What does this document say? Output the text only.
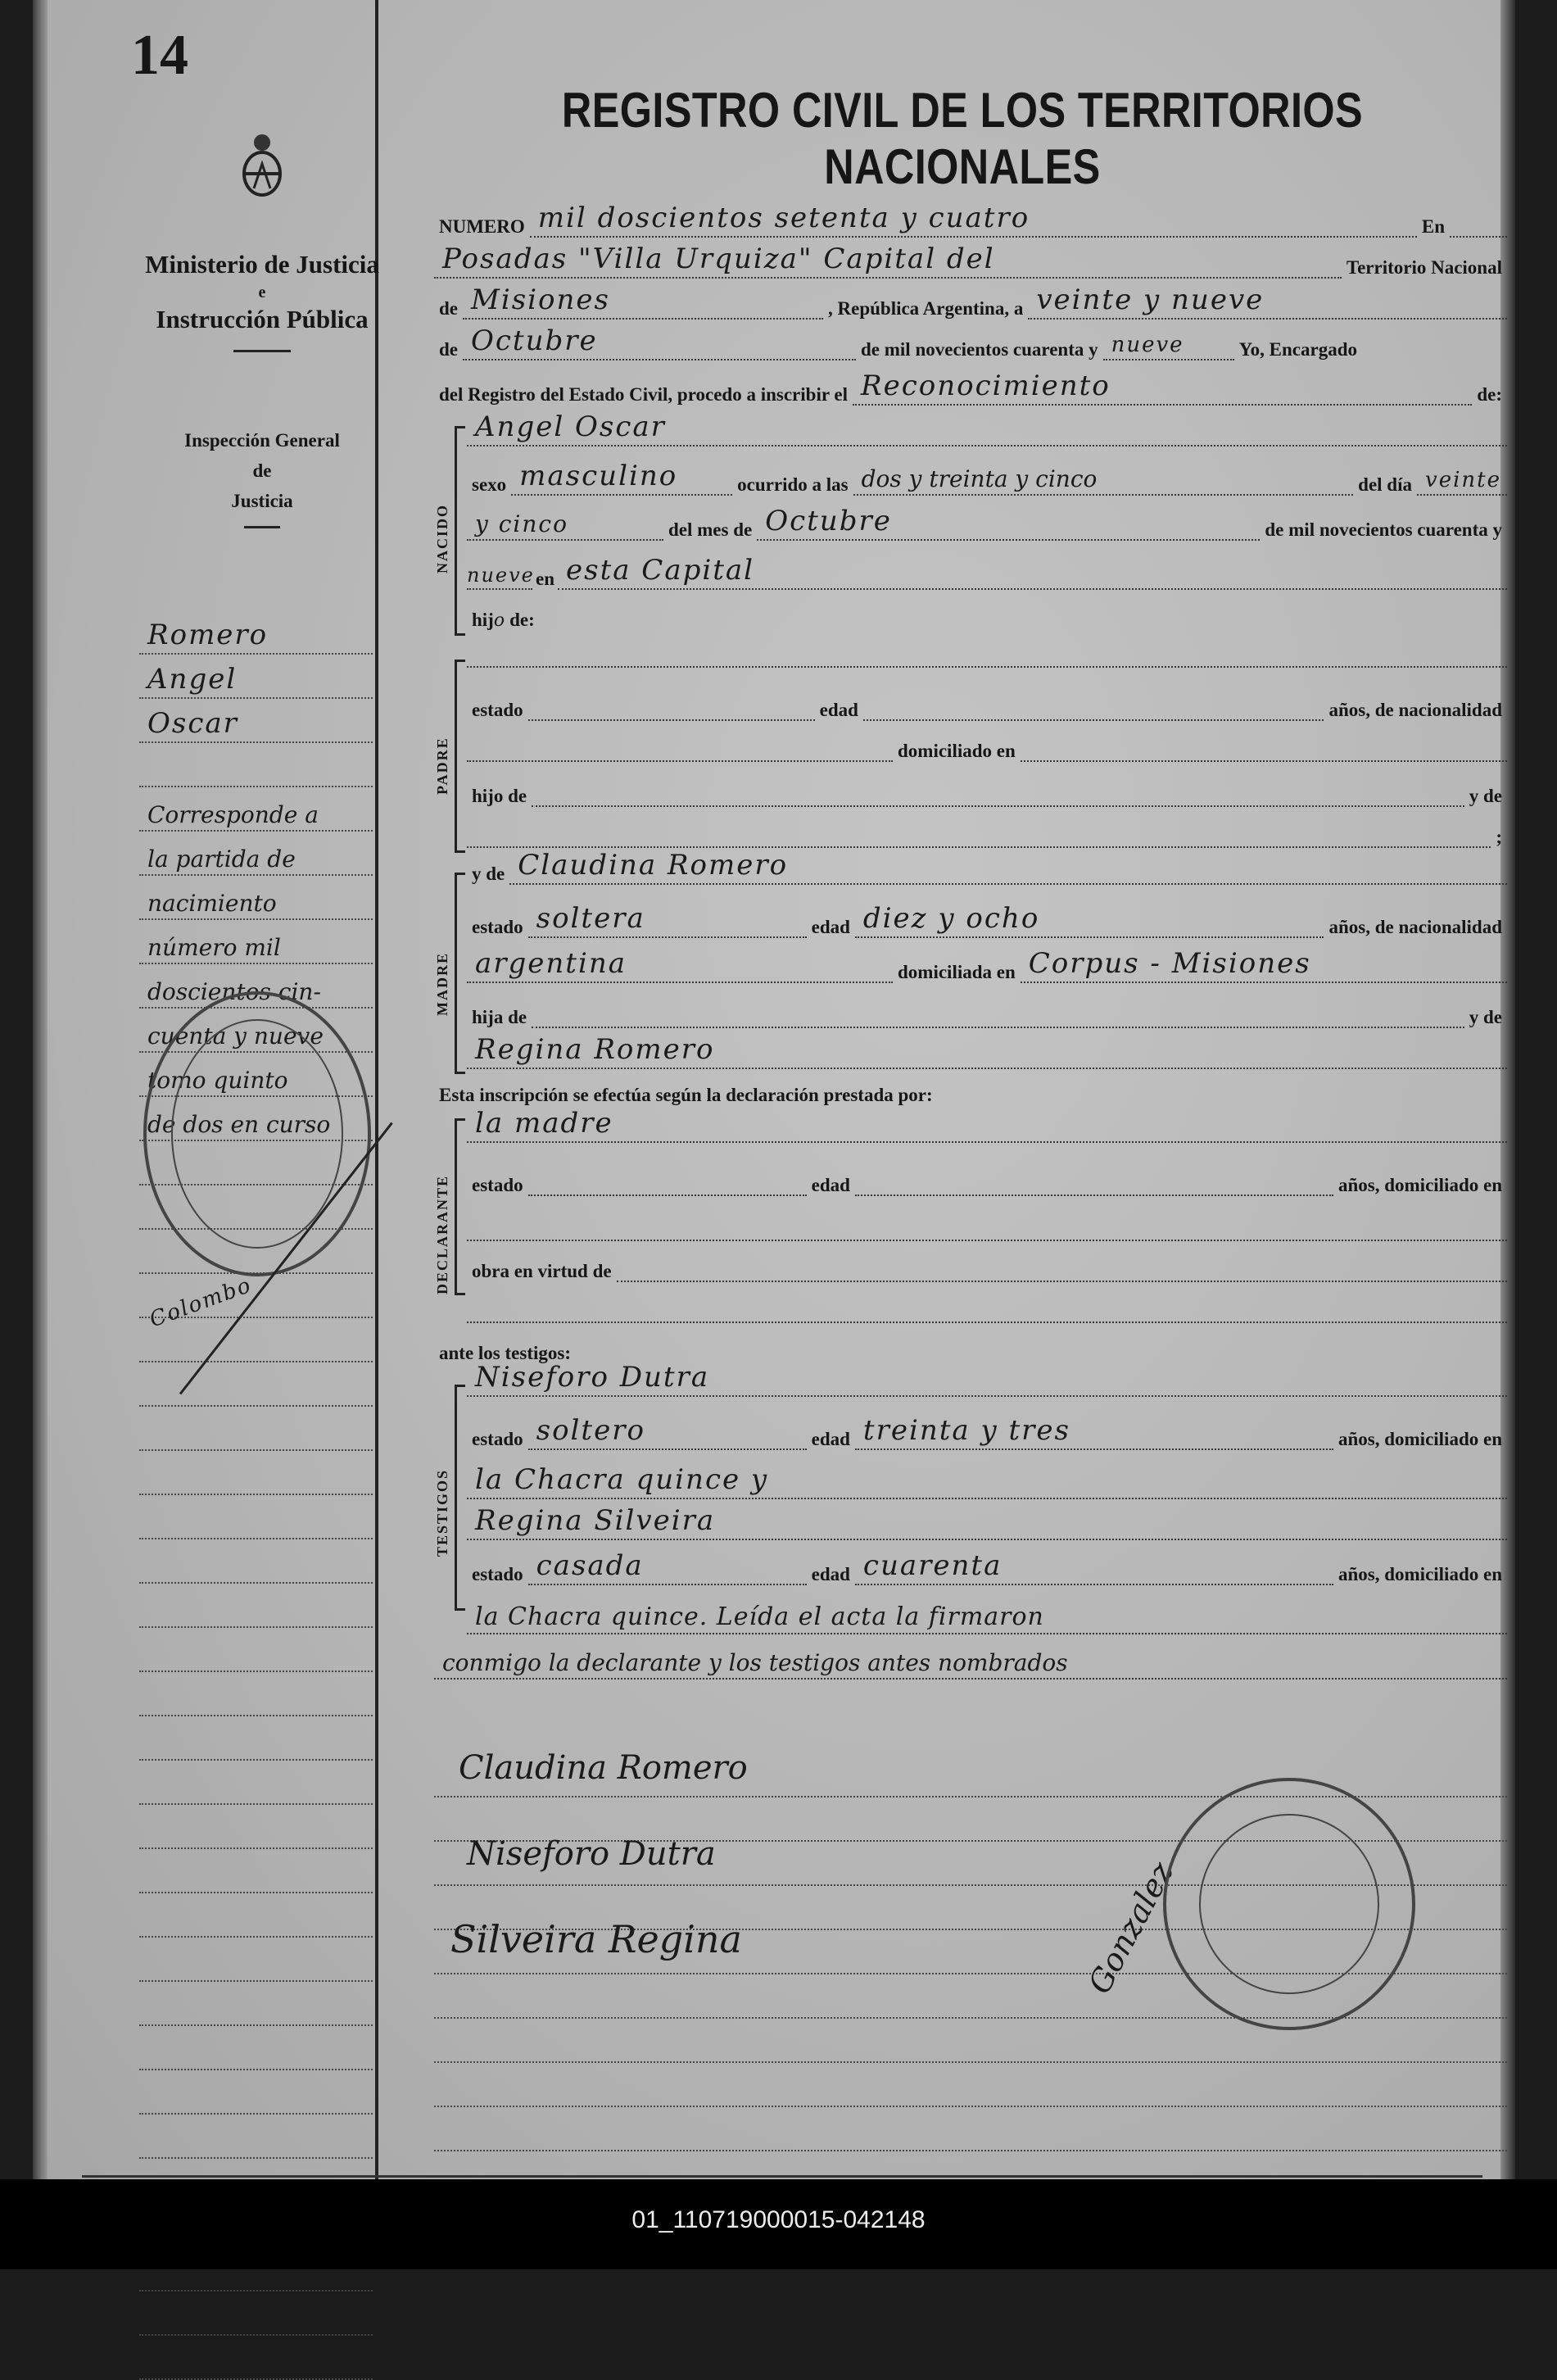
14
Ministerio de Justicia
e
Instrucción Pública
Inspección General
de
Justicia
Romero
Angel
Oscar
Corresponde a
la partida de
nacimiento
número mil
doscientos cin-
cuenta y nueve
tomo quinto
de dos en curso
Colombo
REGISTRO CIVIL DE LOS TERRITORIOS NACIONALES
NUMERO mil doscientos setenta y cuatro	En
Posadas "Villa Urquiza" Capital del	Territorio Nacional
de Misiones	, República Argentina, a veinte y nueve
de Octubre	de mil novecientos cuarenta y nueve	Yo, Encargado
del Registro del Estado Civil, procedo a inscribir el Reconocimiento	de:
NACIDO
Angel Oscar
sexo masculino	ocurrido a las dos y treinta y cinco	del día veinte
y cinco	del mes de Octubre	de mil novecientos cuarenta y
nueve en esta Capital
hij o de:
PADRE
estado	edad	años, de nacionalidad
domiciliado en
hijo de	y de
;
MADRE
y de Claudina Romero
estado soltera	edad diez y ocho	años, de nacionalidad
argentina	domiciliada en Corpus - Misiones
hija de	y de
Regina Romero
Esta inscripción se efectúa según la declaración prestada por:
DECLARANTE
la madre
estado	edad	años, domiciliado en
obra en virtud de
ante los testigos:
TESTIGOS
Niseforo Dutra
estado soltero	edad treinta y tres	años, domiciliado en
la Chacra quince y
Regina Silveira
estado casada	edad cuarenta	años, domiciliado en
la Chacra quince. Leída el acta la firmaron
conmigo la declarante y los testigos antes nombrados
Claudina Romero
Niseforo Dutra
Silveira Regina	Gonzalez
01_110719000015-042148
